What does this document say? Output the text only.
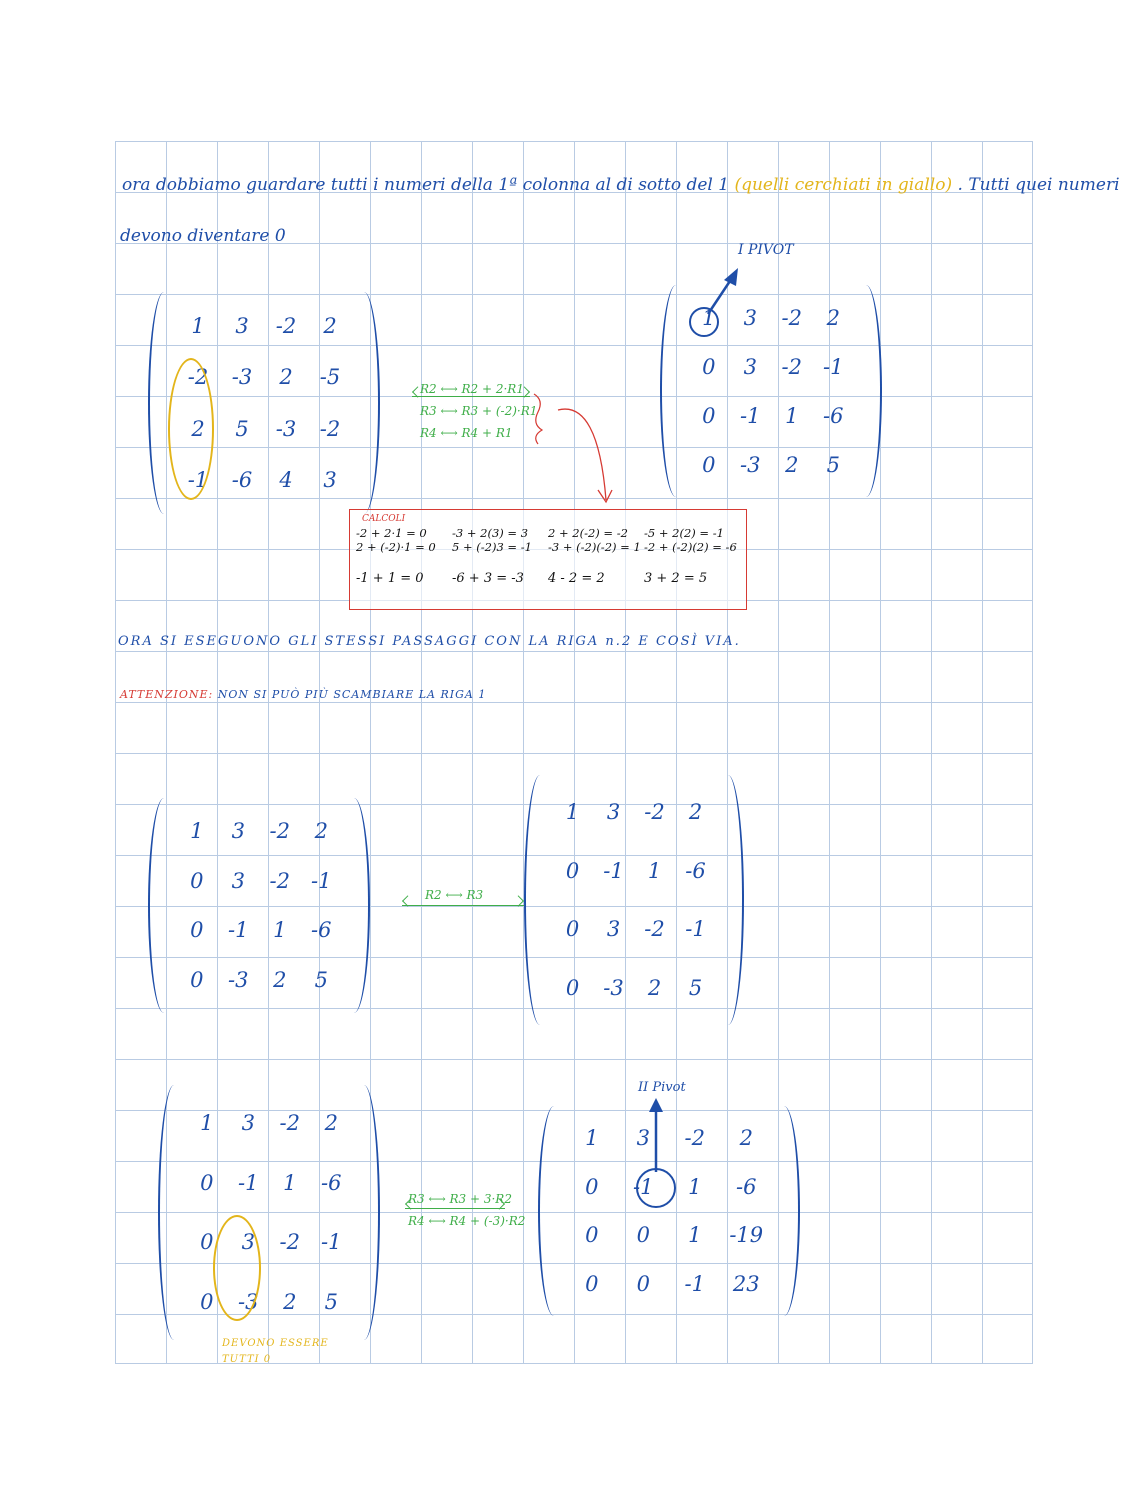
ora dobbiamo guardare tutti i numeri della 1ª colonna al di sotto del 1 (quelli cerchiati in giallo) . Tutti quei numeri
devono diventare 0
I PIVOT
1	3	-2	2
-2	-3	2	-5
2	5	-3	-2
-1	-6	4	3
R2 ⟷ R2 + 2·R1
R3 ⟷ R3 + (-2)·R1
R4 ⟷ R4 + R1
1	3	-2	2
0	3	-2	-1
0	-1	1	-6
0	-3	2	5
CALCOLI
-2 + 2·1 = 0	-3 + 2(3) = 3	2 + 2(-2) = -2	-5 + 2(2) = -1
2 + (-2)·1 = 0	5 + (-2)3 = -1	-3 + (-2)(-2) = 1 -2 + (-2)(2) = -6
-1 + 1 = 0	-6 + 3 = -3	4 - 2 = 2	3 + 2 = 5
ORA SI ESEGUONO GLI STESSI PASSAGGI CON LA RIGA n.2 E COSÌ VIA.
ATTENZIONE: NON SI PUÒ PIÙ SCAMBIARE LA RIGA 1
1	3	-2	2
0	3	-2	-1
0	-1	1	-6
0	-3	2	5
R2 ⟷ R3
1	3	-2	2
0	-1	1	-6
0	3	-2 -1
0	-3	2	5
II Pivot
1	3	-2	2
0	-1	1	-6
0	3	-2	-1
0	-3	2	5
DEVONO ESSERE
TUTTI 0
R3 ⟷ R3 + 3·R2
R4 ⟷ R4 + (-3)·R2
1	3	-2	2
0	-1	1	-6
0	0	1	-19
0	0	-1	23
